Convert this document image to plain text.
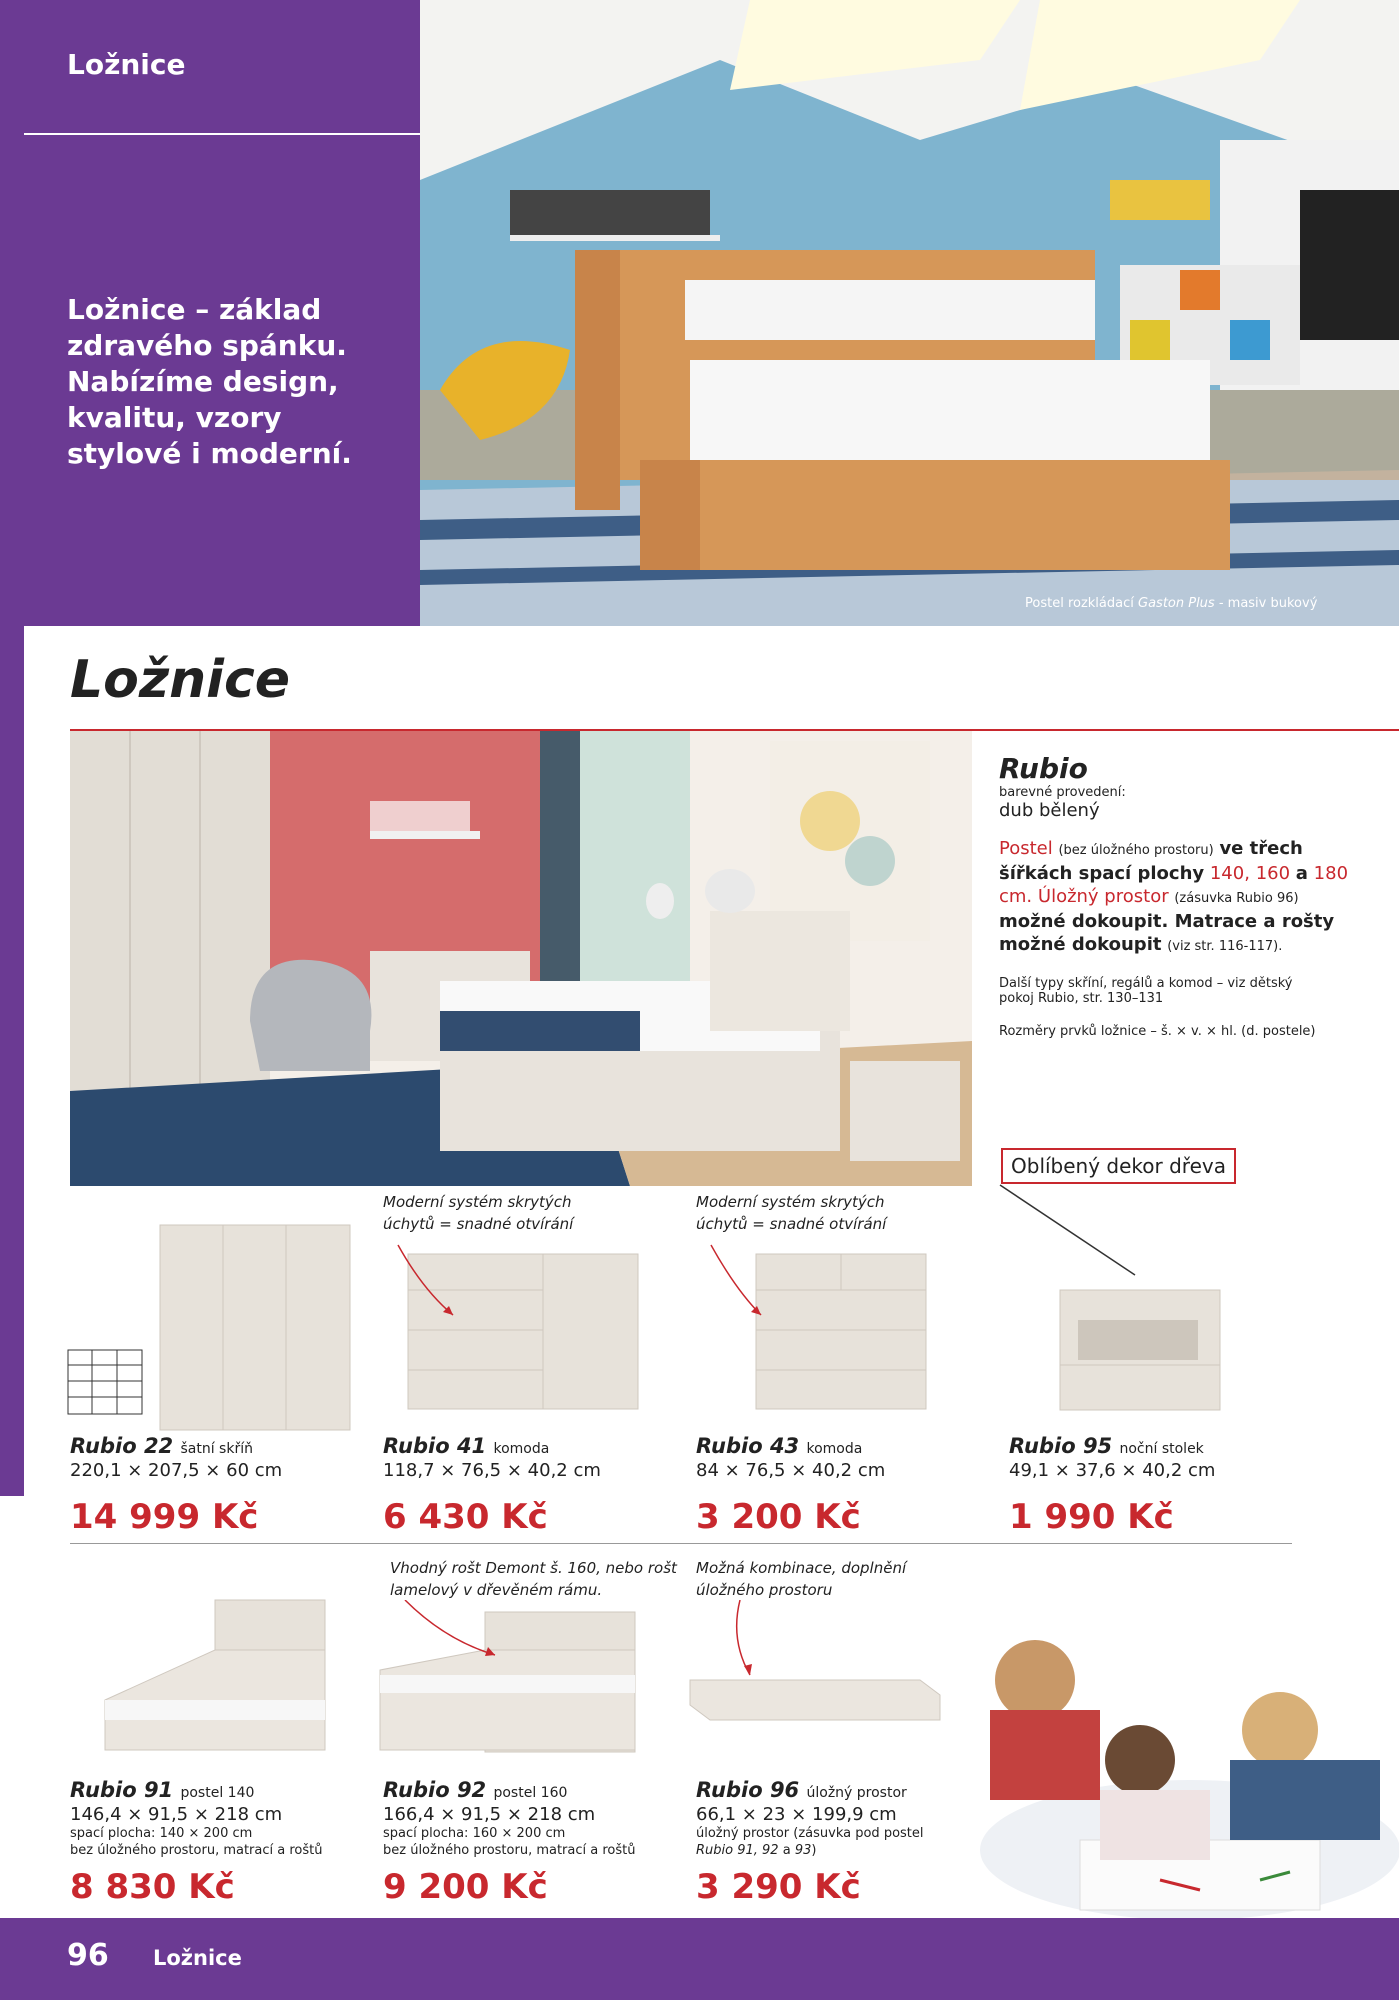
Ložnice
Ložnice – základ zdravého spánku. Nabízíme design, kvalitu, vzory stylové i moderní.
Postel rozkládací Gaston Plus - masiv bukový
Ložnice
Rubio
barevné provedení:
dub bělený
Postel (bez úložného prostoru) ve třech šířkách spací plochy 140, 160 a 180 cm. Úložný prostor (zásuvka Rubio 96) možné dokoupit. Matrace a rošty možné dokoupit (viz str. 116-117).
Další typy skříní, regálů a komod – viz dětský pokoj Rubio, str. 130–131
Rozměry prvků ložnice – š. × v. × hl. (d. postele)
Oblíbený dekor dřeva
Rubio 22 šatní skříň
220,1 × 207,5 × 60 cm
14 999 Kč
Moderní systém skrytých úchytů = snadné otvírání
Rubio 41 komoda
118,7 × 76,5 × 40,2 cm
6 430 Kč
Moderní systém skrytých úchytů = snadné otvírání
Rubio 43 komoda
84 × 76,5 × 40,2 cm
3 200 Kč
Rubio 95 noční stolek
49,1 × 37,6 × 40,2 cm
1 990 Kč
Rubio 91 postel 140
146,4 × 91,5 × 218 cm
spací plocha: 140 × 200 cm
bez úložného prostoru, matrací a roštů
8 830 Kč
Vhodný rošt Demont š. 160, nebo rošt lamelový v dřevěném rámu.
Rubio 92 postel 160
166,4 × 91,5 × 218 cm
spací plocha: 160 × 200 cm
bez úložného prostoru, matrací a roštů
9 200 Kč
Možná kombinace, doplnění úložného prostoru
Rubio 96 úložný prostor
66,1 × 23 × 199,9 cm
úložný prostor (zásuvka pod postel
Rubio 91, 92 a 93)
3 290 Kč
96 Ložnice
